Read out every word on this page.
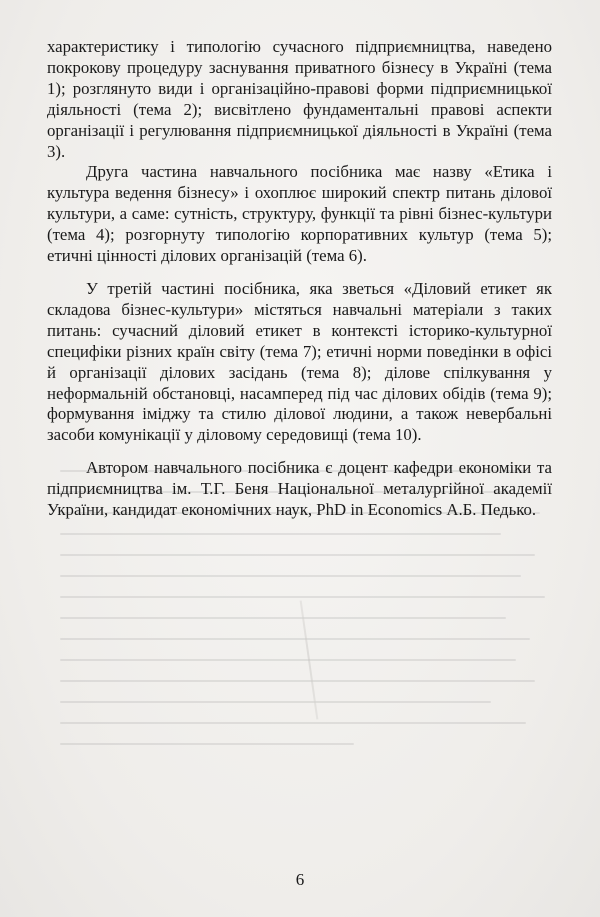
характеристику і типологію сучасного підприємництва, наведено покрокову процедуру заснування приватного бізнесу в Україні (тема 1); розглянуто види і організаційно-правові форми підприємницької діяльності (тема 2); висвітлено фундаментальні правові аспекти організації і регулювання підприємницької діяльності в Україні (тема 3).

Друга частина навчального посібника має назву «Етика і культура ведення бізнесу» і охоплює широкий спектр питань ділової культури, а саме: сутність, структуру, функції та рівні бізнес-культури (тема 4); розгорнуту типологію корпоративних культур (тема 5); етичні цінності ділових організацій (тема 6).

У третій частині посібника, яка зветься «Діловий етикет як складова бізнес-культури» містяться навчальні матеріали з таких питань: сучасний діловий етикет в контексті історико-культурної специфіки різних країн світу (тема 7); етичні норми поведінки в офісі й організації ділових засідань (тема 8); ділове спілкування у неформальній обстановці, насамперед під час ділових обідів (тема 9); формування іміджу та стилю ділової людини, а також невербальні засоби комунікації у діловому середовищі (тема 10).

Автором навчального посібника є доцент кафедри економіки та підприємництва ім. Т.Г. Беня Національної металургійної академії України, кандидат економічних наук, PhD in Economics А.Б. Педько.

6
